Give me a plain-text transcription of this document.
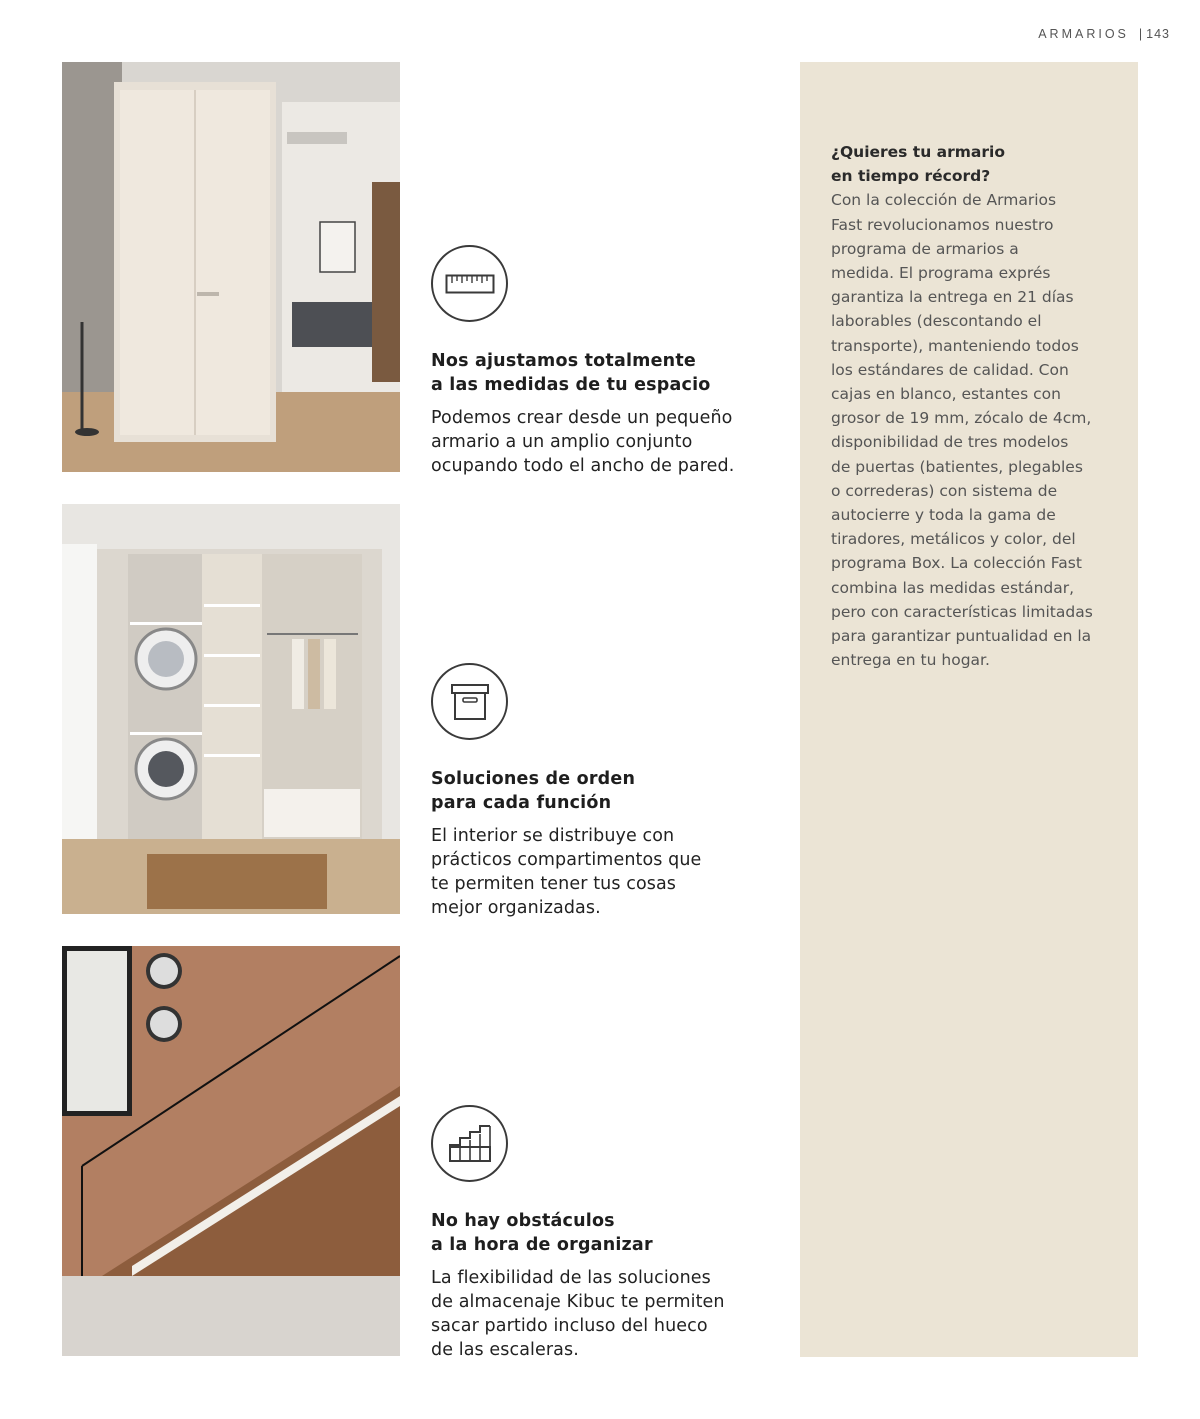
ARMARIOS | 143
Nos ajustamos totalmente
a las medidas de tu espacio

Podemos crear desde un pequeño
armario a un amplio conjunto
ocupando todo el ancho de pared.

Soluciones de orden
para cada función

El interior se distribuye con
prácticos compartimentos que
te permiten tener tus cosas
mejor organizadas.

No hay obstáculos
a la hora de organizar

La flexibilidad de las soluciones
de almacenaje Kibuc te permiten
sacar partido incluso del hueco
de las escaleras.

¿Quieres tu armario
en tiempo récord?

Con la colección de Armarios
Fast revolucionamos nuestro
programa de armarios a
medida. El programa exprés
garantiza la entrega en 21 días
laborables (descontando el
transporte), manteniendo todos
los estándares de calidad. Con
cajas en blanco, estantes con
grosor de 19 mm, zócalo de 4cm,
disponibilidad de tres modelos
de puertas (batientes, plegables
o correderas) con sistema de
autocierre y toda la gama de
tiradores, metálicos y color, del
programa Box. La colección Fast
combina las medidas estándar,
pero con características limitadas
para garantizar puntualidad en la
entrega en tu hogar.
